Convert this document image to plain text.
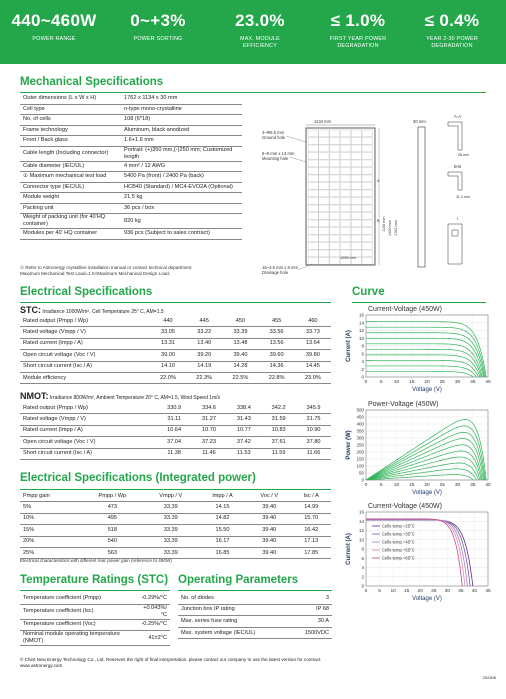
440~460W
POWER RANGE
0~+3%
POWER SORTING
23.0%
MAX. MODULE EFFICIENCY
≤ 1.0%
FIRST YEAR POWER DEGRADATION
≤ 0.4%
YEAR 2-30 POWER DEGRADATION
Mechanical Specifications
Outer dimensions (L x W x H)	1762 x 1134 x 30 mm
Cell type	n-type mono-crystalline
No. of cells	108 (6*18)
Frame technology	Aluminum, black anodized
Front / Back glass	1.6+1.6 mm
Cable length (Including connector)	Portrait: (+)350 mm,(-)250 mm; Customized length
Cable diameter (IEC/UL)	4 mm² / 12 AWG
① Maximum mechanical test load	5400 Pa (front) / 2400 Pa (back)
Connector type (IEC/UL)	HCB40 (Standard) / MC4-EVO2A (Optional)
Module weight	21.5 kg
Packing unit	36 pcs / box
Weight of packing unit (for 40'HQ container)	820 kg
Modules per 40' HQ container	936 pcs (Subject to sales contract)
① Refer to Astronergy crystalline installation manual or contact technical department.
Maximum Mechanical Test Load=1.5×Maximum Mechanical Design Load.
1134 mm
4~Φ5.5 mm
Ground hole
8~9 mm x 14 mm
Mounting hole
16~3.5 mm x 8 mm
Drainage hole
1098 mm
1100 mm 1400 mm 1762 mm
A
B
30 mm
A-A
28 mm
B-B
11.4 mm
I
Curve
Electrical Specifications
STC: Irradiance 1000W/m², Cell Temperature 25° C, AM=1.5
Rated output (Pmpp / Wp)	440	445	450	455	460
Rated voltage (Vmpp / V)	33.05	33.22	33.39	33.56	33.73
Rated current (Impp / A)	13.31	13.40	13.48	13.56	13.64
Open circuit voltage (Voc / V)	39.00	39.20	39.40	39.60	39.80
Short circuit current (Isc / A)	14.10	14.19	14.28	14.36	14.45
Module efficiency	22.0%	22.3%	22.5%	22.8%	23.0%
NMOT: Irradiance 800W/m², Ambient Temperature 20° C, AM=1.5, Wind Speed 1m/s
Rated output (Pmpp / Wp)	330.9	334.6	338.4	342.2	345.9
Rated voltage (Vmpp / V)	31.11	31.27	31.43	31.59	31.75
Rated current (Impp / A)	10.64	10.70	10.77	10.83	10.90
Open circuit voltage (Voc / V)	37.04	37.23	37.42	37.61	37.80
Short circuit current (Isc / A)	11.38	11.46	11.53	11.59	11.66
Electrical Specifications (Integrated power)
Pmpp gain	Pmpp / Wp	Vmpp / V	Impp / A	Voc / V	Isc / A
5%	473	33.39	14.15	39.40	14.99
10%	495	33.39	14.82	39.40	15.70
15%	518	33.39	15.50	39.40	16.42
20%	540	33.39	16.17	39.40	17.13
25%	563	33.39	16.85	39.40	17.85
Electrical characteristics with different rear power gain (reference to 450W)
Temperature Ratings (STC)
Temperature coefficient (Pmpp)	-0.29%/°C
Temperature coefficient (Isc)	+0.043%/°C
Temperature coefficient (Voc)	-0.25%/°C
Nominal module operating temperature (NMOT)	41±2°C
Operating Parameters
No. of diodes	3
Junction box IP rating	IP 68
Max. series fuse rating	30 A
Max. system voltage (IEC/UL)	1500VDC
Current-Voltage (450W)
0
2
4
6
8
10
12
14
16
0	5 10 15 20 25 30 35 40
Voltage (V)
Current (A)
Power-Voltage (450W)
0
50
100
150
200
250
300
350
400
450
500
0	5 10 15 20 25 30 35 40
Voltage (V)
Power (W)
Current-Voltage (450W)
0
2
4
6
8
10
12
14
16
0 5 10 15 20 25 30 35 40 45
Voltage (V)
Current (A)
Cells temp.=25°C
Cells temp.=35°C
Cells temp.=45°C
Cells temp.=55°C
Cells temp.=65°C
© Chint New Energy Technology Co., Ltd. Reserves the right of final interpretation. please contact our company to use the latest version for contract.
www.astronergy.com
202406
